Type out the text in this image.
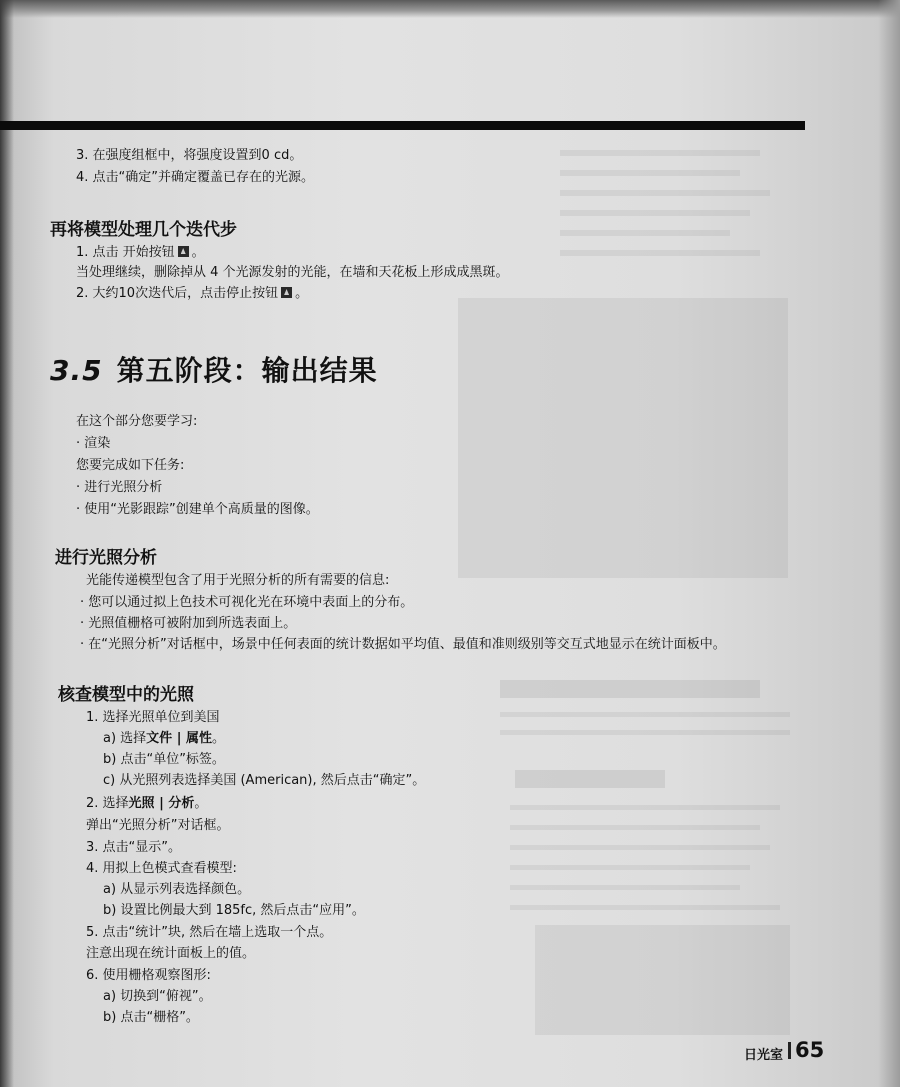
3. 在强度组框中，将强度设置到0 cd。
4. 点击“确定”并确定覆盖已存在的光源。
再将模型处理几个迭代步
1. 点击 开始按钮 。
当处理继续，删除掉从 4 个光源发射的光能，在墙和天花板上形成成黑斑。
2. 大约10次迭代后，点击停止按钮 。
3.5 第五阶段：输出结果
在这个部分您要学习:
· 渲染
您要完成如下任务:
· 进行光照分析
· 使用“光影跟踪”创建单个高质量的图像。
进行光照分析
光能传递模型包含了用于光照分析的所有需要的信息:
· 您可以通过拟上色技术可视化光在环境中表面上的分布。
· 光照值栅格可被附加到所选表面上。
· 在“光照分析”对话框中，场景中任何表面的统计数据如平均值、最值和准则级别等交互式地显示在统计面板中。
核查模型中的光照
1. 选择光照单位到美国
a) 选择文件 | 属性。
b) 点击“单位”标签。
c) 从光照列表选择美国 (American), 然后点击“确定”。
2. 选择光照 | 分析。
弹出“光照分析”对话框。
3. 点击“显示”。
4. 用拟上色模式查看模型:
a) 从显示列表选择颜色。
b) 设置比例最大到 185fc, 然后点击“应用”。
5. 点击“统计”块, 然后在墙上选取一个点。
注意出现在统计面板上的值。
6. 使用栅格观察图形:
a) 切换到“俯视”。
b) 点击“栅格”。
日光室 65
